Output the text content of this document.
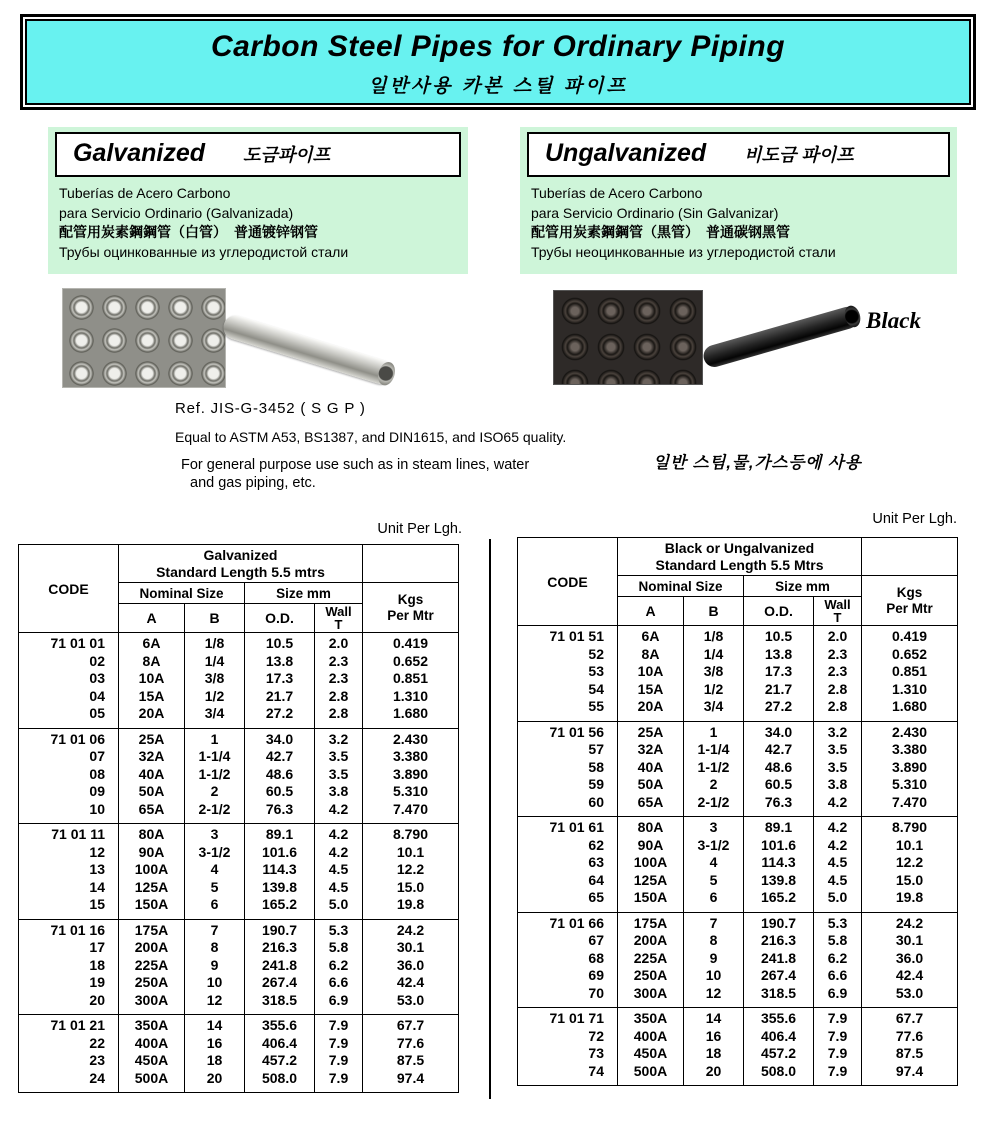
Carbon Steel Pipes for Ordinary Piping
일반사용 카본 스틸 파이프
Galvanized 도금파이프
Tuberías de Acero Carbono
para Servicio Ordinario (Galvanizada)
配管用炭素鋼鋼管（白管）　普通镀锌钢管
Трубы оцинкованные из углеродистой стали
Ungalvanized 비도금 파이프
Tuberías de Acero Carbono
para Servicio Ordinario (Sin Galvanizar)
配管用炭素鋼鋼管（黒管）　普通碳钢黑管
Трубы неоцинкованные из углеродистой стали
Black
Ref. JIS-G-3452 ( S G P )
Equal to ASTM A53, BS1387, and DIN1615, and ISO65 quality.
For general purpose use such as in steam lines, water
and gas piping, etc.
일반 스팀,물,가스등에 사용
Unit Per Lgh.
Unit Per Lgh.
CODE	Galvanized
Standard Length 5.5 mtrs				

	Nominal Size		Size mm		Kgs
Per Mtr

	A	B	O.D.	Wall
T	

71 01 01	6A	1/8	10.5	2.0	0.419
02	8A	1/4	13.8	2.3	0.652
03	10A	3/8	17.3	2.3	0.851
04	15A	1/2	21.7	2.8	1.310
05	20A	3/4	27.2	2.8	1.680
71 01 06	25A	1	34.0	3.2	2.430
07	32A	1-1/4	42.7	3.5	3.380
08	40A	1-1/2	48.6	3.5	3.890
09	50A	2	60.5	3.8	5.310
10	65A	2-1/2	76.3	4.2	7.470
71 01 11	80A	3	89.1	4.2	8.790
12	90A	3-1/2	101.6	4.2	10.1
13	100A	4	114.3	4.5	12.2
14	125A	5	139.8	4.5	15.0
15	150A	6	165.2	5.0	19.8
71 01 16	175A	7	190.7	5.3	24.2
17	200A	8	216.3	5.8	30.1
18	225A	9	241.8	6.2	36.0
19	250A	10	267.4	6.6	42.4
20	300A	12	318.5	6.9	53.0
71 01 21	350A	14	355.6	7.9	67.7
22	400A	16	406.4	7.9	77.6
23	450A	18	457.2	7.9	87.5
24	500A	20	508.0	7.9	97.4
CODE	Black or Ungalvanized
Standard Length 5.5 Mtrs				

	Nominal Size		Size mm		Kgs
Per Mtr

	A	B	O.D.	Wall
T	

71 01 51	6A	1/8	10.5	2.0	0.419
52	8A	1/4	13.8	2.3	0.652
53	10A	3/8	17.3	2.3	0.851
54	15A	1/2	21.7	2.8	1.310
55	20A	3/4	27.2	2.8	1.680
71 01 56	25A	1	34.0	3.2	2.430
57	32A	1-1/4	42.7	3.5	3.380
58	40A	1-1/2	48.6	3.5	3.890
59	50A	2	60.5	3.8	5.310
60	65A	2-1/2	76.3	4.2	7.470
71 01 61	80A	3	89.1	4.2	8.790
62	90A	3-1/2	101.6	4.2	10.1
63	100A	4	114.3	4.5	12.2
64	125A	5	139.8	4.5	15.0
65	150A	6	165.2	5.0	19.8
71 01 66	175A	7	190.7	5.3	24.2
67	200A	8	216.3	5.8	30.1
68	225A	9	241.8	6.2	36.0
69	250A	10	267.4	6.6	42.4
70	300A	12	318.5	6.9	53.0
71 01 71	350A	14	355.6	7.9	67.7
72	400A	16	406.4	7.9	77.6
73	450A	18	457.2	7.9	87.5
74	500A	20	508.0	7.9	97.4
